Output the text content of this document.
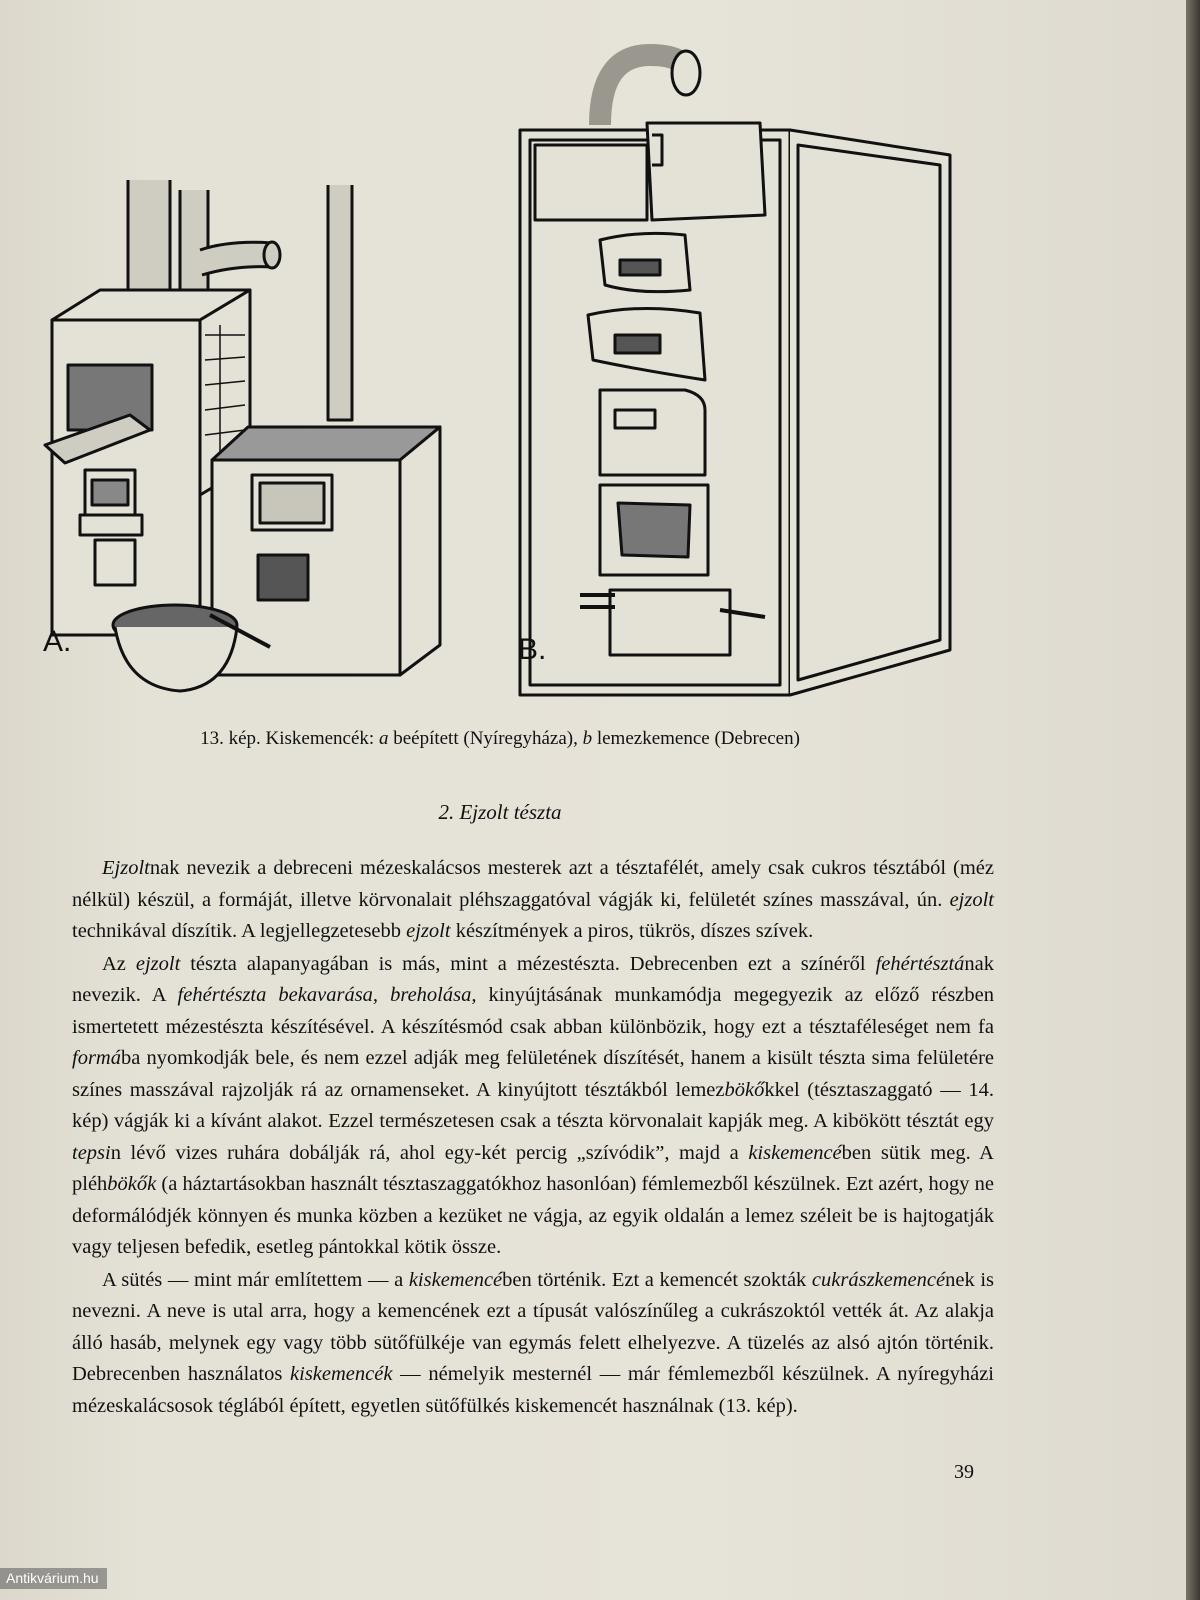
A.	B.
13. kép. Kiskemencék: a beépített (Nyíregyháza), b lemezkemence (Debrecen)
2. Ejzolt tészta

Ejzoltnak nevezik a debreceni mézeskalácsos mesterek azt a tésztafélét, amely csak cukros tésztából (méz nélkül) készül, a formáját, illetve körvonalait pléhszaggatóval vágják ki, felületét színes masszával, ún. ejzolt technikával díszítik. A legjellegzetesebb ejzolt készítmények a piros, tükrös, díszes szívek.

Az ejzolt tészta alapanyagában is más, mint a mézestészta. Debrecenben ezt a színéről fehértésztának nevezik. A fehértészta bekavarása, breholása, kinyújtásának munkamódja megegyezik az előző részben ismertetett mézestészta készítésével. A készítésmód csak abban különbözik, hogy ezt a tésztaféleséget nem fa formába nyomkodják bele, és nem ezzel adják meg felületének díszítését, hanem a kisült tészta sima felületére színes masszával rajzolják rá az ornamenseket. A kinyújtott tésztákból lemezbökőkkel (tésztaszaggató — 14. kép) vágják ki a kívánt alakot. Ezzel természetesen csak a tészta körvonalait kapják meg. A kibökött tésztát egy tepsin lévő vizes ruhára dobálják rá, ahol egy-két percig „szívódik”, majd a kiskemencében sütik meg. A pléhbökők (a háztartásokban használt tésztaszaggatókhoz hasonlóan) fémlemezből készülnek. Ezt azért, hogy ne deformálódjék könnyen és munka közben a kezüket ne vágja, az egyik oldalán a lemez széleit be is hajtogatják vagy teljesen befedik, esetleg pántokkal kötik össze.

A sütés — mint már említettem — a kiskemencében történik. Ezt a kemencét szokták cukrászkemencének is nevezni. A neve is utal arra, hogy a kemencének ezt a típusát valószínűleg a cukrászoktól vették át. Az alakja álló hasáb, melynek egy vagy több sütőfülkéje van egymás felett elhelyezve. A tüzelés az alsó ajtón történik. Debrecenben használatos kiskemencék — némelyik mesternél — már fémlemezből készülnek. A nyíregyházi mézeskalácsosok téglából épített, egyetlen sütőfülkés kiskemencét használnak (13. kép).

39
Antikvárium.hu
